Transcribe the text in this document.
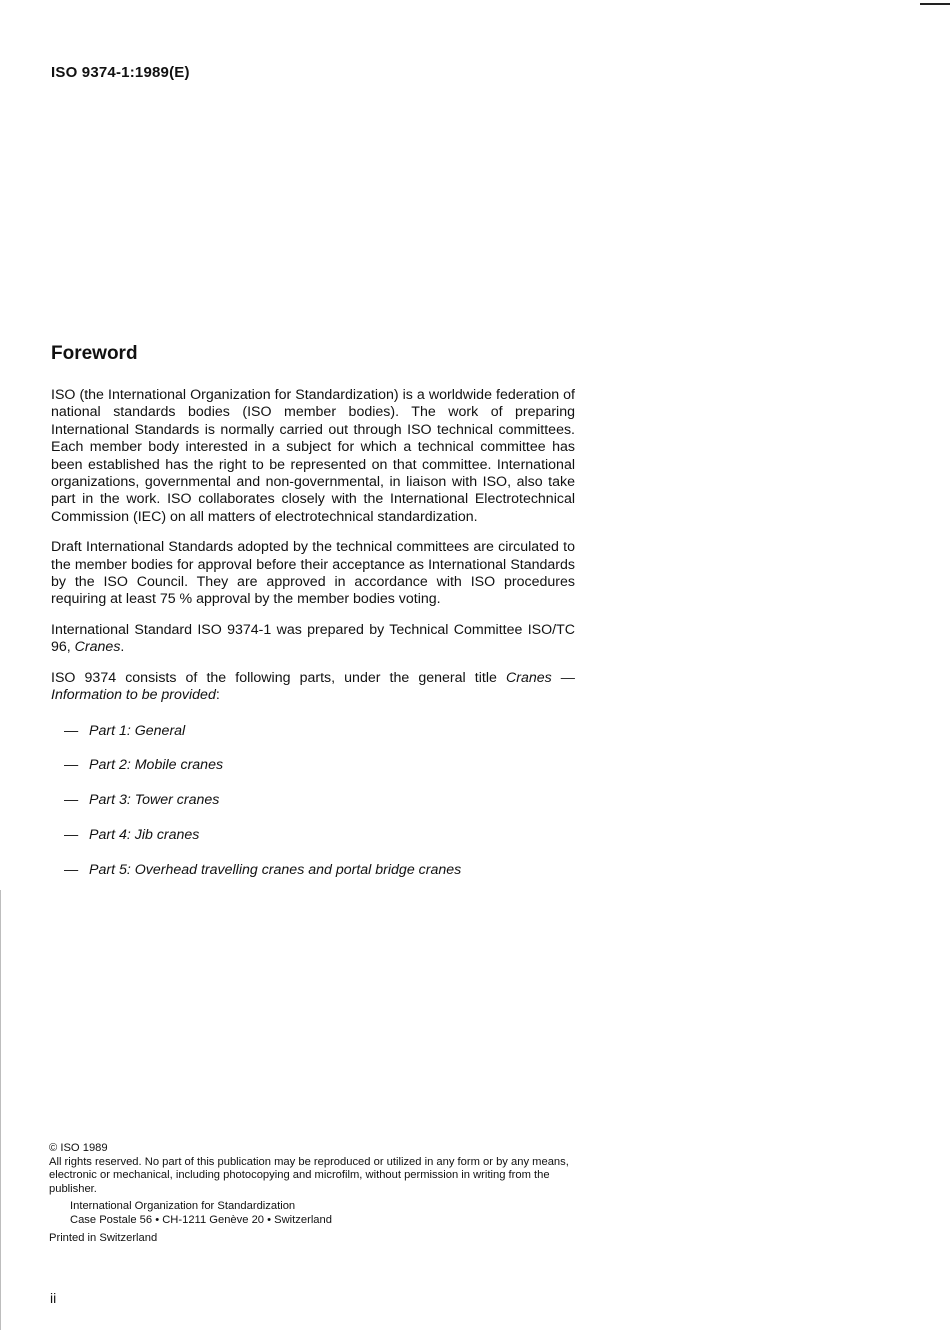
ISO 9374-1:1989(E)
Foreword

ISO (the International Organization for Standardization) is a worldwide federation of national standards bodies (ISO member bodies). The work of preparing International Standards is normally carried out through ISO technical committees. Each member body interested in a subject for which a technical committee has been established has the right to be represented on that committee. International organizations, governmental and non-governmental, in liaison with ISO, also take part in the work. ISO collaborates closely with the International Electrotechnical Commission (IEC) on all matters of electrotechnical standardization.

Draft International Standards adopted by the technical committees are circulated to the member bodies for approval before their acceptance as International Standards by the ISO Council. They are approved in accordance with ISO procedures requiring at least 75 % approval by the member bodies voting.

International Standard ISO 9374-1 was prepared by Technical Committee ISO/TC 96, Cranes.

ISO 9374 consists of the following parts, under the general title Cranes — Information to be provided:

— Part 1: General
— Part 2: Mobile cranes
— Part 3: Tower cranes
— Part 4: Jib cranes
— Part 5: Overhead travelling cranes and portal bridge cranes
© ISO 1989
All rights reserved. No part of this publication may be reproduced or utilized in any form or by any means, electronic or mechanical, including photocopying and microfilm, without permission in writing from the publisher.
International Organization for Standardization
Case Postale 56 • CH-1211 Genève 20 • Switzerland
Printed in Switzerland
ii
